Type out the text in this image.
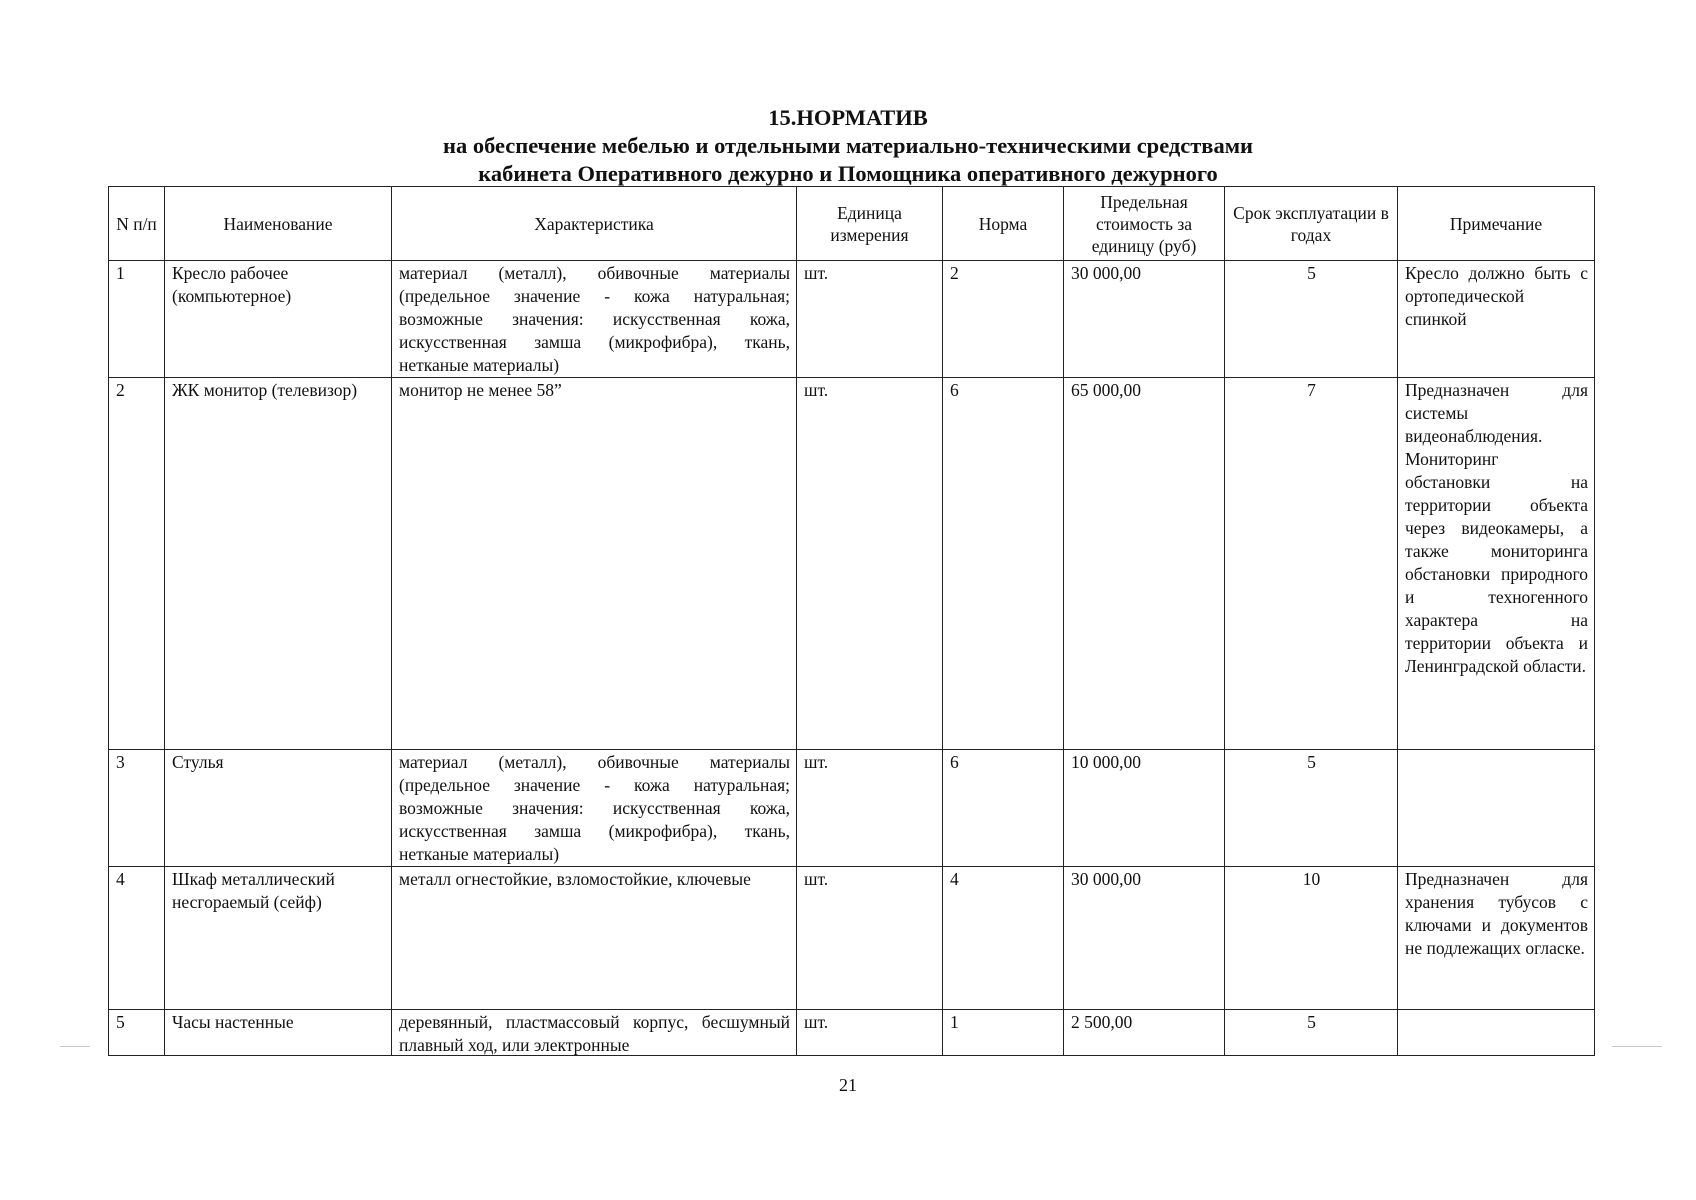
15.НОРМАТИВ
на обеспечение мебелью и отдельными материально-техническими средствами
кабинета Оперативного дежурно и Помощника оперативного дежурного
N п/п	Наименование	Характеристика	Единица измерения	Норма	Предельная стоимость за единицу (руб)	Срок эксплуатации в годах	Примечание
1	Кресло рабочее (компьютерное)	материал (металл), обивочные материалы (предельное значение - кожа натуральная; возможные значения: искусственная кожа, искусственная замша (микрофибра), ткань, нетканые материалы)	шт.	2	30 000,00	5	Кресло должно быть с ортопедической спинкой
2	ЖК монитор (телевизор)	монитор не менее 58”	шт.	6	65 000,00	7	Предназначен для системы видеонаблюдения. Мониторинг обстановки на территории объекта через видеокамеры, а также мониторинга обстановки природного и техногенного характера на территории объекта и Ленинградской области.
3	Стулья	материал (металл), обивочные материалы (предельное значение - кожа натуральная; возможные значения: искусственная кожа, искусственная замша (микрофибра), ткань, нетканые материалы)	шт.	6	10 000,00	5	
4	Шкаф металлический несгораемый (сейф)	металл огнестойкие, взломостойкие, ключевые	шт.	4	30 000,00	10	Предназначен для хранения тубусов с ключами и документов не подлежащих огласке.
5	Часы настенные	деревянный, пластмассовый корпус, бесшумный плавный ход, или электронные	шт.	1	2 500,00	5	
21
